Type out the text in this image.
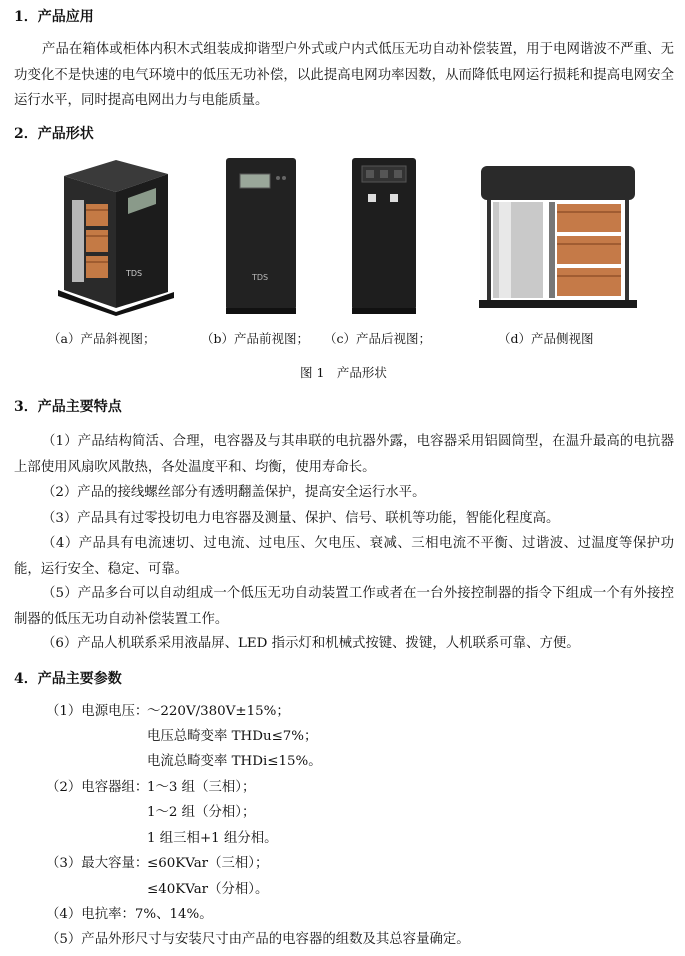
1．产品应用
产品在箱体或柜体内积木式组装成抑谐型户外式或户内式低压无功自动补偿装置，用于电网谐波不严重、无功变化不是快速的电气环境中的低压无功补偿，以此提高电网功率因数，从而降低电网运行损耗和提高电网安全运行水平，同时提高电网出力与电能质量。
2．产品形状
TDS	TDS
（a）产品斜视图；	（b）产品前视图； （c）产品后视图；	（d）产品侧视图
图 1　产品形状
3．产品主要特点
（1）产品结构简活、合理，电容器及与其串联的电抗器外露，电容器采用铝圆筒型，在温升最高的电抗器上部使用风扇吹风散热，各处温度平和、均衡，使用寿命长。
（2）产品的接线螺丝部分有透明翻盖保护，提高安全运行水平。
（3）产品具有过零投切电力电容器及测量、保护、信号、联机等功能，智能化程度高。
（4）产品具有电流速切、过电流、过电压、欠电压、衰减、三相电流不平衡、过谐波、过温度等保护功能，运行安全、稳定、可靠。
（5）产品多台可以自动组成一个低压无功自动装置工作或者在一台外接控制器的指令下组成一个有外接控制器的低压无功自动补偿装置工作。
（6）产品人机联系采用液晶屏、LED 指示灯和机械式按键、拨键，人机联系可靠、方便。
4．产品主要参数
（1）电源电压：
～220V/380V±15%；
电压总畸变率 THDu≤7%；
电流总畸变率 THDi≤15%。
（2）电容器组：
1～3 组（三相）；
1～2 组（分相）；
1 组三相+1 组分相。
（3）最大容量：
≤60KVar（三相）；
≤40KVar（分相）。
（4）电抗率：7%、14%。
（5）产品外形尺寸与安装尺寸由产品的电容器的组数及其总容量确定。
